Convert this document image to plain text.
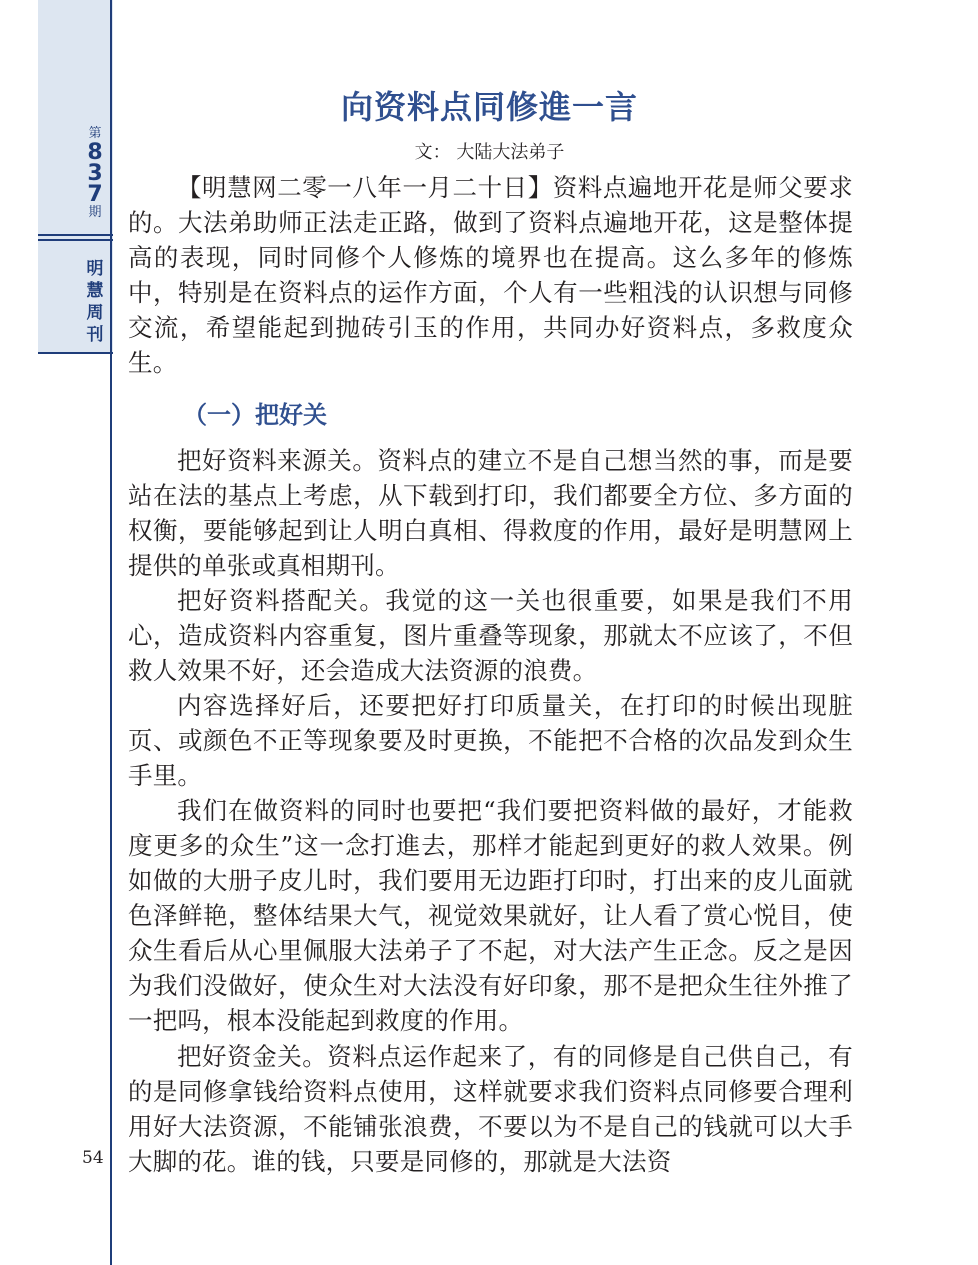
第
8
3
7
期
明
慧
周
刊
54
向资料点同修進一言
文： 大陆大法弟子

【明慧网二零一八年一月二十日】资料点遍地开花是师父要求的。大法弟助师正法走正路，做到了资料点遍地开花，这是整体提高的表现，同时同修个人修炼的境界也在提高。这么多年的修炼中，特别是在资料点的运作方面，个人有一些粗浅的认识想与同修交流，希望能起到抛砖引玉的作用，共同办好资料点，多救度众生。

（一）把好关

把好资料来源关。资料点的建立不是自己想当然的事，而是要站在法的基点上考虑，从下载到打印，我们都要全方位、多方面的权衡，要能够起到让人明白真相、得救度的作用，最好是明慧网上提供的单张或真相期刊。

把好资料搭配关。我觉的这一关也很重要，如果是我们不用心，造成资料内容重复，图片重叠等现象，那就太不应该了，不但救人效果不好，还会造成大法资源的浪费。

内容选择好后，还要把好打印质量关，在打印的时候出现脏页、或颜色不正等现象要及时更换，不能把不合格的次品发到众生手里。

我们在做资料的同时也要把“我们要把资料做的最好，才能救度更多的众生”这一念打進去，那样才能起到更好的救人效果。例如做的大册子皮儿时，我们要用无边距打印时，打出来的皮儿面就色泽鲜艳，整体结果大气，视觉效果就好，让人看了赏心悦目，使众生看后从心里佩服大法弟子了不起，对大法产生正念。反之是因为我们没做好，使众生对大法没有好印象，那不是把众生往外推了一把吗，根本没能起到救度的作用。

把好资金关。资料点运作起来了，有的同修是自己供自己，有的是同修拿钱给资料点使用，这样就要求我们资料点同修要合理利用好大法资源，不能铺张浪费，不要以为不是自己的钱就可以大手大脚的花。谁的钱，只要是同修的，那就是大法资
